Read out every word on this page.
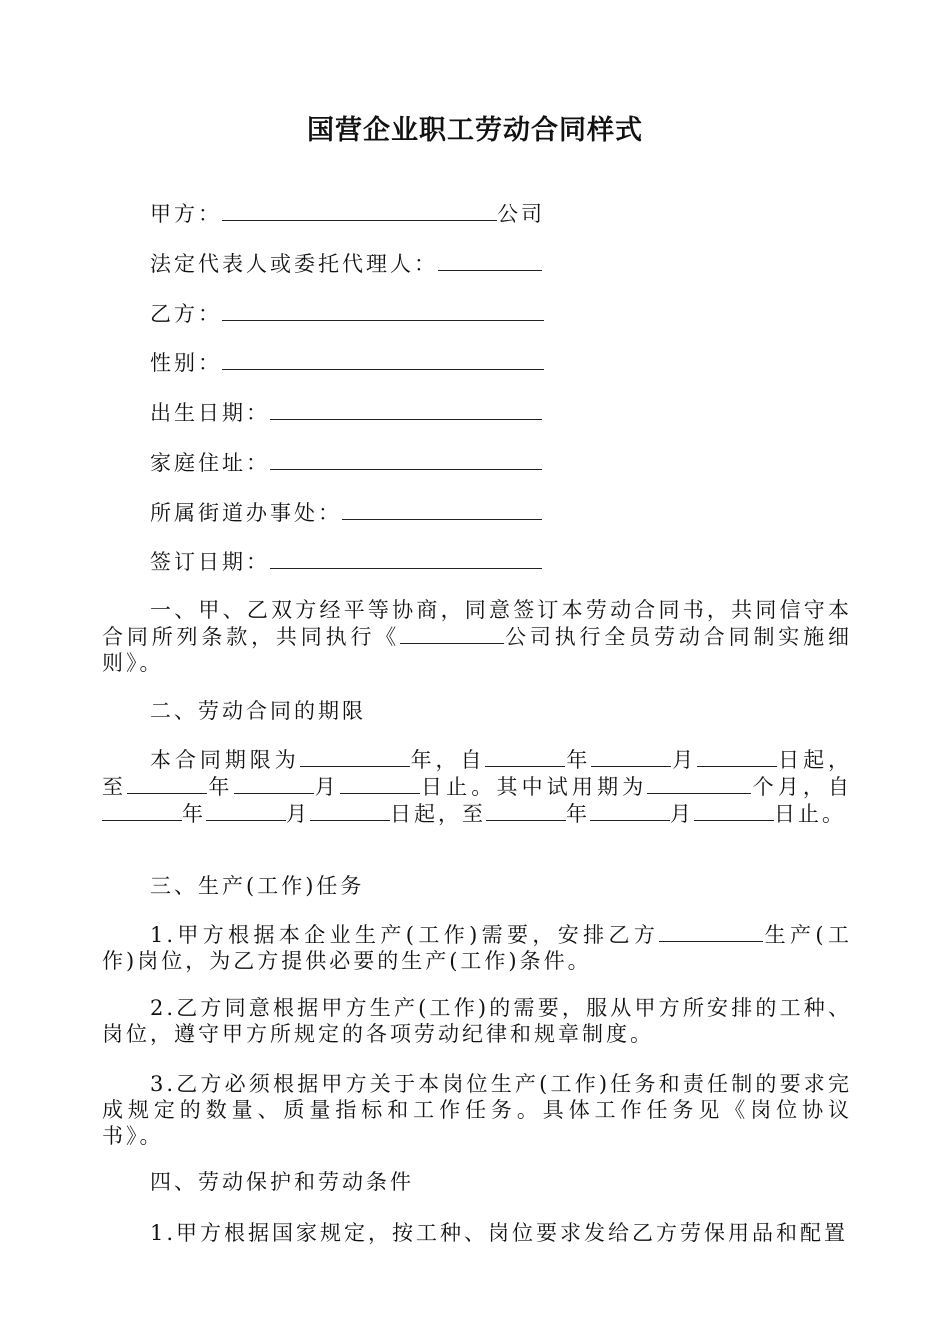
国营企业职工劳动合同样式
甲方：	公司
法定代表人或委托代理人：
乙方：
性别：
出生日期：
家庭住址：
所属街道办事处：
签订日期：
一、甲、乙双方经平等协商，同意签订本劳动合同书，共同信守本合同所列条款，共同执行《	公司执行全员劳动合同制实施细则》。
二、劳动合同的期限
本合同期限为	年，自	年	月	日起，至	年	月	日止。其中试用期为	个月，自年	月	日起，至	年	月	日止。
三、生产(工作)任务
1.甲方根据本企业生产(工作)需要，安排乙方	生产(工作)岗位，为乙方提供必要的生产(工作)条件。
2.乙方同意根据甲方生产(工作)的需要，服从甲方所安排的工种、岗位，遵守甲方所规定的各项劳动纪律和规章制度。
3.乙方必须根据甲方关于本岗位生产(工作)任务和责任制的要求完成规定的数量、质量指标和工作任务。具体工作任务见《岗位协议书》。
四、劳动保护和劳动条件
1.甲方根据国家规定，按工种、岗位要求发给乙方劳保用品和配置
